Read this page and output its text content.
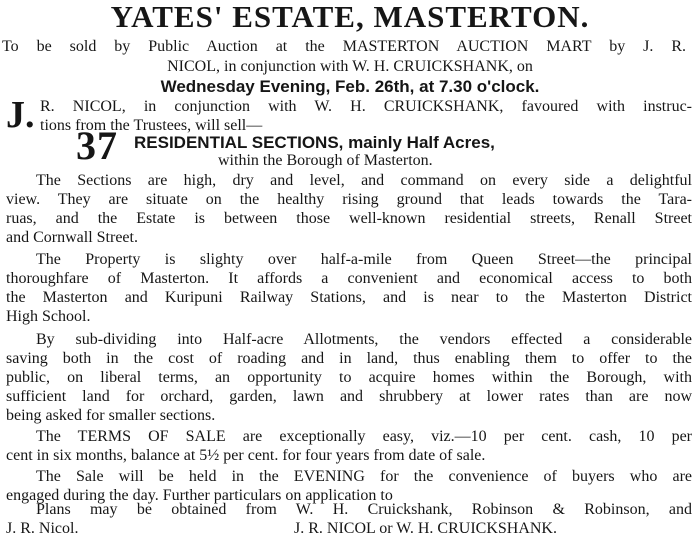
YATES' ESTATE, MASTERTON.
To be sold by Public Auction at the MASTERTON AUCTION MART by J. R.
NICOL, in conjunction with W. H. CRUICKSHANK, on
Wednesday Evening, Feb. 26th, at 7.30 o'clock.
J. R. NICOL, in conjunction with W. H. CRUICKSHANK, favoured with instruc-
tions from the Trustees, will sell—
37 RESIDENTIAL SECTIONS, mainly Half Acres,
within the Borough of Masterton.
The Sections are high, dry and level, and command on every side a delightful
view. They are situate on the healthy rising ground that leads towards the Tara-
ruas, and the Estate is between those well-known residential streets, Renall Street
and Cornwall Street.
The Property is slighty over half-a-mile from Queen Street—the principal
thoroughfare of Masterton. It affords a convenient and economical access to both
the Masterton and Kuripuni Railway Stations, and is near to the Masterton District
High School.
By sub-dividing into Half-acre Allotments, the vendors effected a considerable
saving both in the cost of roading and in land, thus enabling them to offer to the
public, on liberal terms, an opportunity to acquire homes within the Borough, with
sufficient land for orchard, garden, lawn and shrubbery at lower rates than are now
being asked for smaller sections.
The TERMS OF SALE are exceptionally easy, viz.—10 per cent. cash, 10 per
cent in six months, balance at 5½ per cent. for four years from date of sale.
The Sale will be held in the EVENING for the convenience of buyers who are
engaged during the day. Further particulars on application to
Plans may be obtained from W. H. Cruickshank, Robinson & Robinson, and
J. R. Nicol.	J. R. NICOL or W. H. CRUICKSHANK.
